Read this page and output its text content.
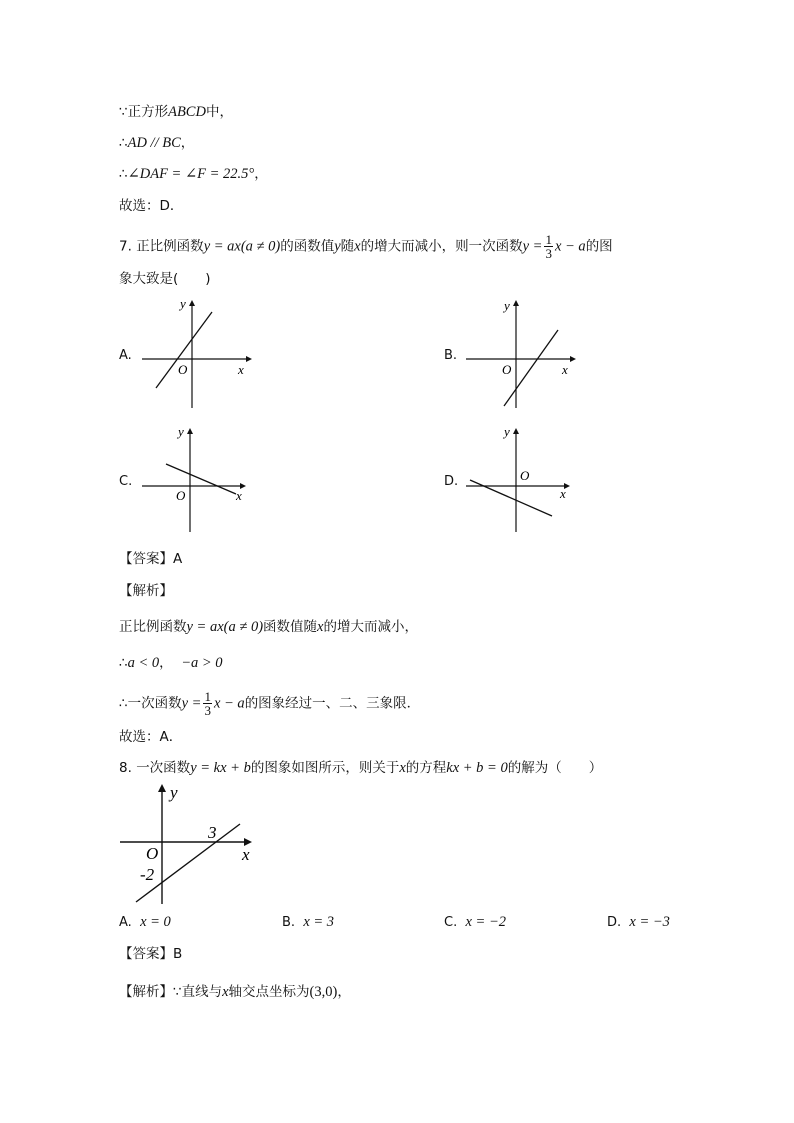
∵正方形ABCD中，
∴AD // BC，
∴∠DAF = ∠F = 22.5°，
故选：D．
7. 正比例函数y = ax(a ≠ 0)的函数值y随x的增大而减小，则一次函数$y = \frac{1}{3}$ x − a的图
象大致是(　　)
A.
y
x
O
B.
y
x
O
C.
y
x
O
D.
y
x
O
【答案】A
【解析】
正比例函数y = ax(a ≠ 0)函数值随x的增大而减小，
∴a < 0， −a > 0
∴一次函数$y = \frac{1}{3}$ x − a的图象经过一、二、三象限．
故选：A．
8. 一次函数y = kx + b的图象如图所示，则关于x的方程kx + b = 0的解为（　　）
y
x
O
3
-2
A. x = 0	B. x = 3	C. x = −2	D. x = −3
【答案】B
【解析】∵直线与x轴交点坐标为(3,0)，
